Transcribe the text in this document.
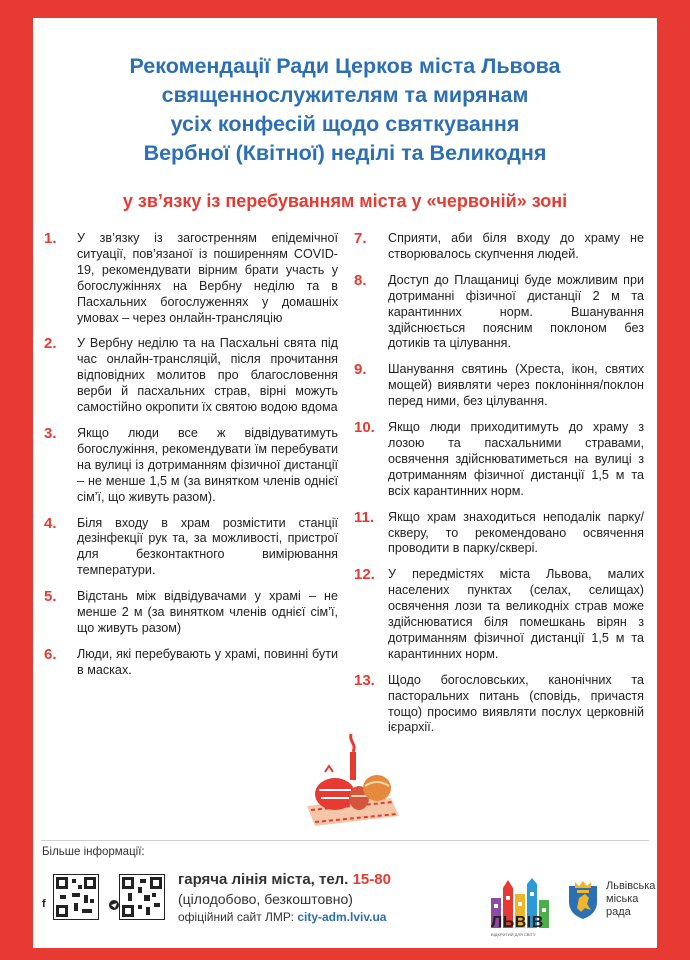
Рекомендації Ради Церков міста Львова
священнослужителям та мирянам
усіх конфесій щодо святкування
Вербної (Квітної) неділі та Великодня
у зв’язку із перебуванням міста у «червоній» зоні
1.	У зв’язку із загостренням епідемічної ситуації, пов’язаної із поширенням COVID-19, рекомендувати вірним брати участь у богослужіннях на Вербну неділю та в Пасхальних богослуженнях у домашніх умовах – через онлайн-трансляцію
2.	У Вербну неділю та на Пасхальні свята під час онлайн-трансляцій, після прочитання відповідних молитов про благословення верби й пасхальних страв, вірні можуть самостійно окропити їх святою водою вдома
3.	Якщо люди все ж відвідуватимуть богослужіння, рекомендувати їм перебувати на вулиці із дотриманням фізичної дистанції – не менше 1,5 м (за винятком членів однієї сім’ї, що живуть разом).
4.	Біля входу в храм розмістити станції дезінфекції рук та, за можливості, пристрої для безконтактного вимірювання температури.
5.	Відстань між відвідувачами у храмі – не менше 2 м (за винятком членів однієї сім’ї, що живуть разом)
6.	Люди, які перебувають у храмі, повинні бути в масках.
7.	Сприяти, аби біля входу до храму не створювалось скупчення людей.
8.	Доступ до Плащаниці буде можливим при дотриманні фізичної дистанції 2 м та карантинних норм. Вшанування здійснюється поясним поклоном без дотиків та цілування.
9.	Шанування святинь (Хреста, ікон, святих мощей) виявляти через поклоніння/поклон перед ними, без цілування.
10.	Якщо люди приходитимуть до храму з лозою та пасхальними стравами, освячення здійснюватиметься на вулиці з дотриманням фізичної дистанції 1,5 м та всіх карантинних норм.
11.	Якщо храм знаходиться неподалік парку/скверу, то рекомендовано освячення проводити в парку/сквері.
12.	У передмістях міста Львова, малих населених пунктах (селах, селищах) освячення лози та великодніх страв може здійснюватися біля помешкань вірян з дотриманням фізичної дистанції 1,5 м та карантинних норм.
13.	Щодо богословських, канонічних та пасторальних питань (сповідь, причастя тощо) просимо виявляти послух церковній ієрархії.
Більше інформації:
f
гаряча лінія міста, тел. 15-80
(цілодобово, безкоштовно)
офіційний сайт ЛМР: city-adm.lviv.ua	ЛЬВІВ
ВІДКРИТИЙ ДЛЯ СВІТУ
Львівська
міська
рада
